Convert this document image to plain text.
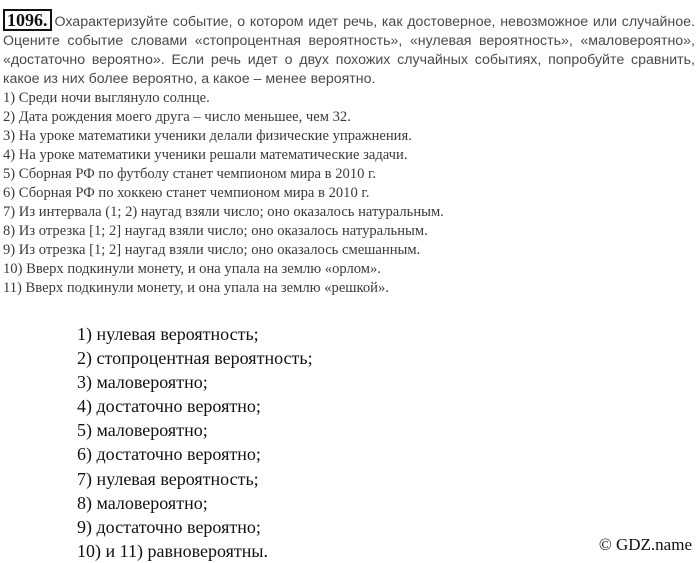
1096. Охарактеризуйте событие, о котором идет речь, как достоверное, невозможное или случайное. Оцените событие словами «стопроцентная вероятность», «нулевая вероятность», «маловероятно», «достаточно вероятно». Если речь идет о двух похожих случайных событиях, попробуйте сравнить, какое из них более вероятно, а какое – менее вероятно.

1) Среди ночи выглянуло солнце.
2) Дата рождения моего друга – число меньшее, чем 32.
3) На уроке математики ученики делали физические упражнения.
4) На уроке математики ученики решали математические задачи.
5) Сборная РФ по футболу станет чемпионом мира в 2010 г.
6) Сборная РФ по хоккею станет чемпионом мира в 2010 г.
7) Из интервала (1; 2) наугад взяли число; оно оказалось натуральным.
8) Из отрезка [1; 2] наугад взяли число; оно оказалось натуральным.
9) Из отрезка [1; 2] наугад взяли число; оно оказалось смешанным.
10) Вверх подкинули монету, и она упала на землю «орлом».
11) Вверх подкинули монету, и она упала на землю «решкой».
1) нулевая вероятность;
2) стопроцентная вероятность;
3) маловероятно;
4) достаточно вероятно;
5) маловероятно;
6) достаточно вероятно;
7) нулевая вероятность;
8) маловероятно;
9) достаточно вероятно;
10) и 11) равновероятны.	© GDZ.name
